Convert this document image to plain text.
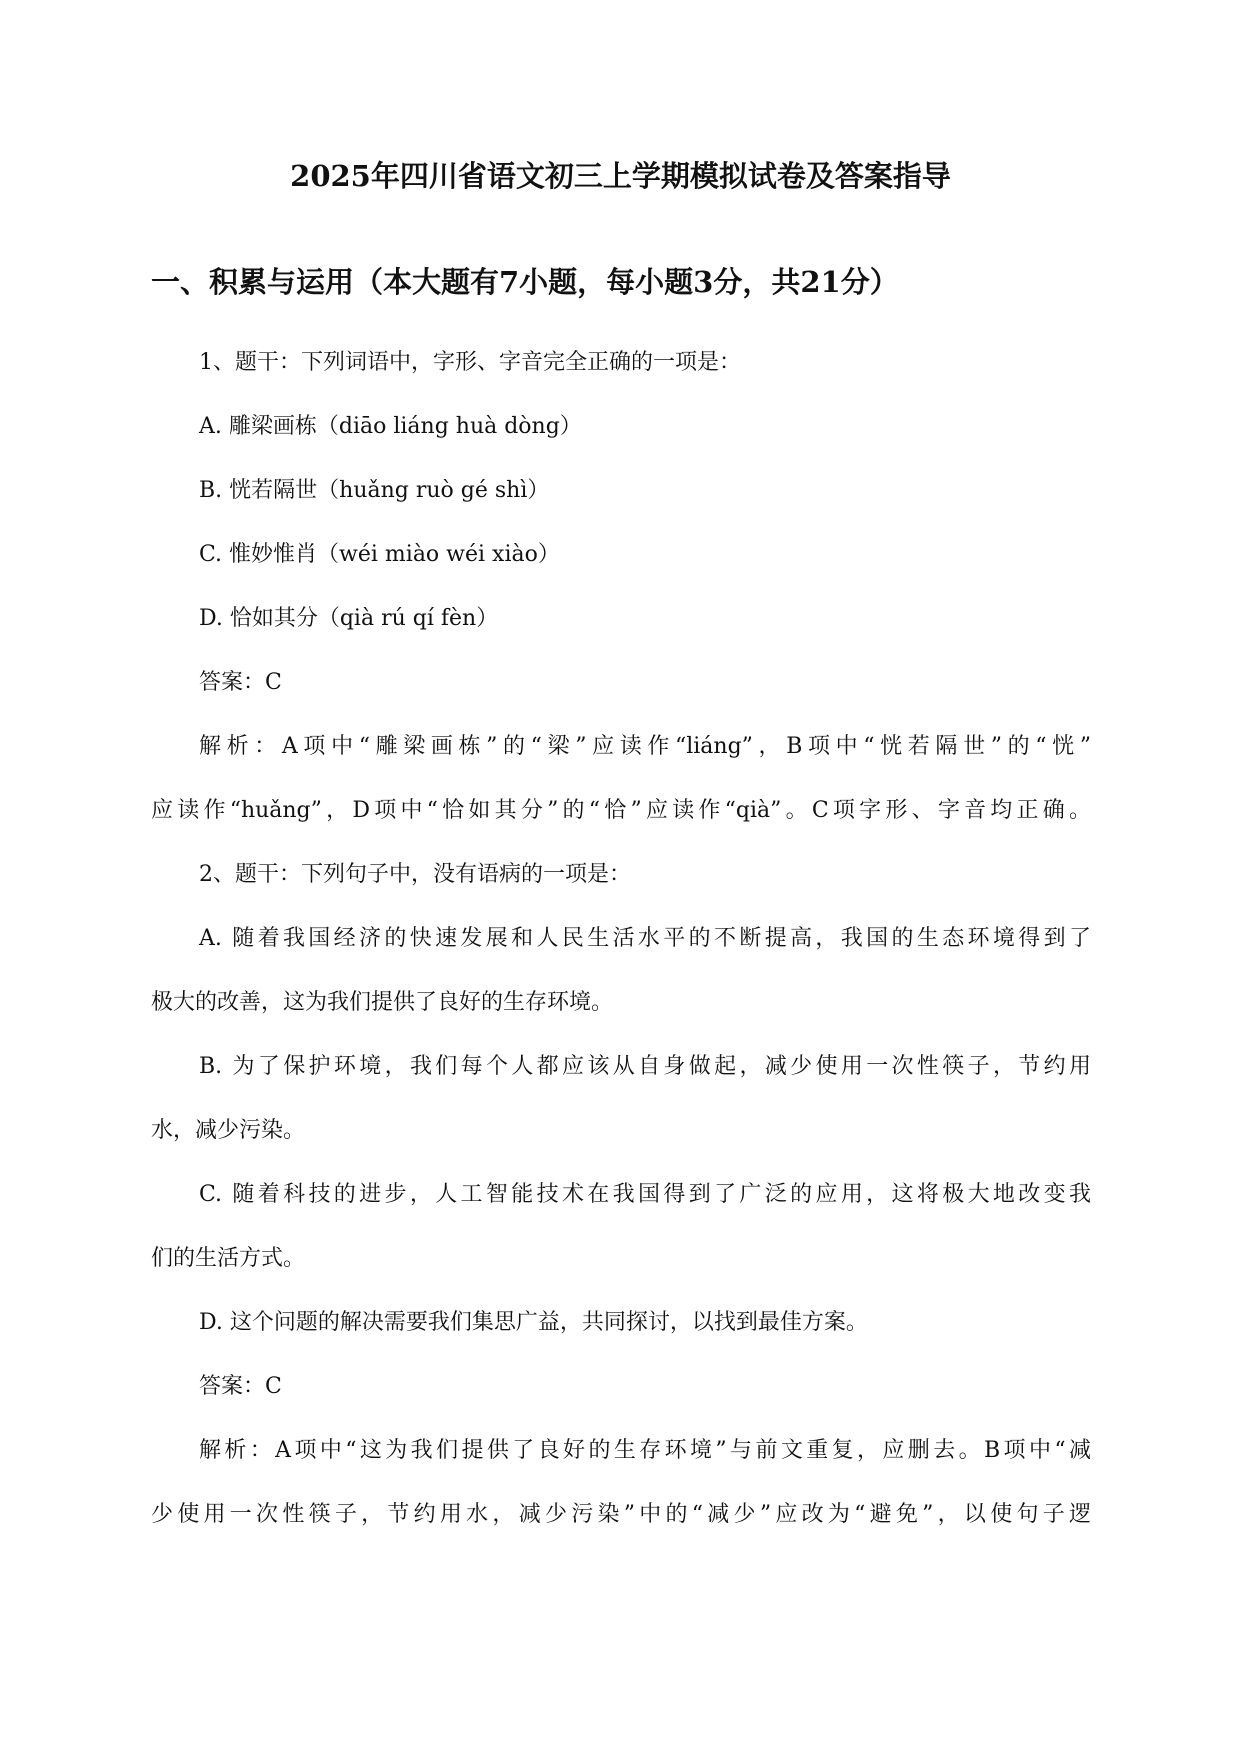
2025年四川省语文初三上学期模拟试卷及答案指导
一、积累与运用（本大题有7小题，每小题3分，共21分）
1、题干：下列词语中，字形、字音完全正确的一项是：
A. 雕梁画栋（diāo liáng huà dòng）
B. 恍若隔世（huǎng ruò gé shì）
C. 惟妙惟肖（wéi miào wéi xiào）
D. 恰如其分（qià rú qí fèn）
答案：C
解析：A项中“雕梁画栋”的“梁”应读作“liáng”，B项中“恍若隔世”的“恍”
应读作“huǎng”，D项中“恰如其分”的“恰”应读作“qià”。C项字形、字音均正确。
2、题干：下列句子中，没有语病的一项是：
A. 随着我国经济的快速发展和人民生活水平的不断提高，我国的生态环境得到了
极大的改善，这为我们提供了良好的生存环境。
B. 为了保护环境，我们每个人都应该从自身做起，减少使用一次性筷子，节约用
水，减少污染。
C. 随着科技的进步，人工智能技术在我国得到了广泛的应用，这将极大地改变我
们的生活方式。
D. 这个问题的解决需要我们集思广益，共同探讨，以找到最佳方案。
答案：C
解析：A项中“这为我们提供了良好的生存环境”与前文重复，应删去。B项中“减
少使用一次性筷子，节约用水，减少污染”中的“减少”应改为“避免”，以使句子逻
